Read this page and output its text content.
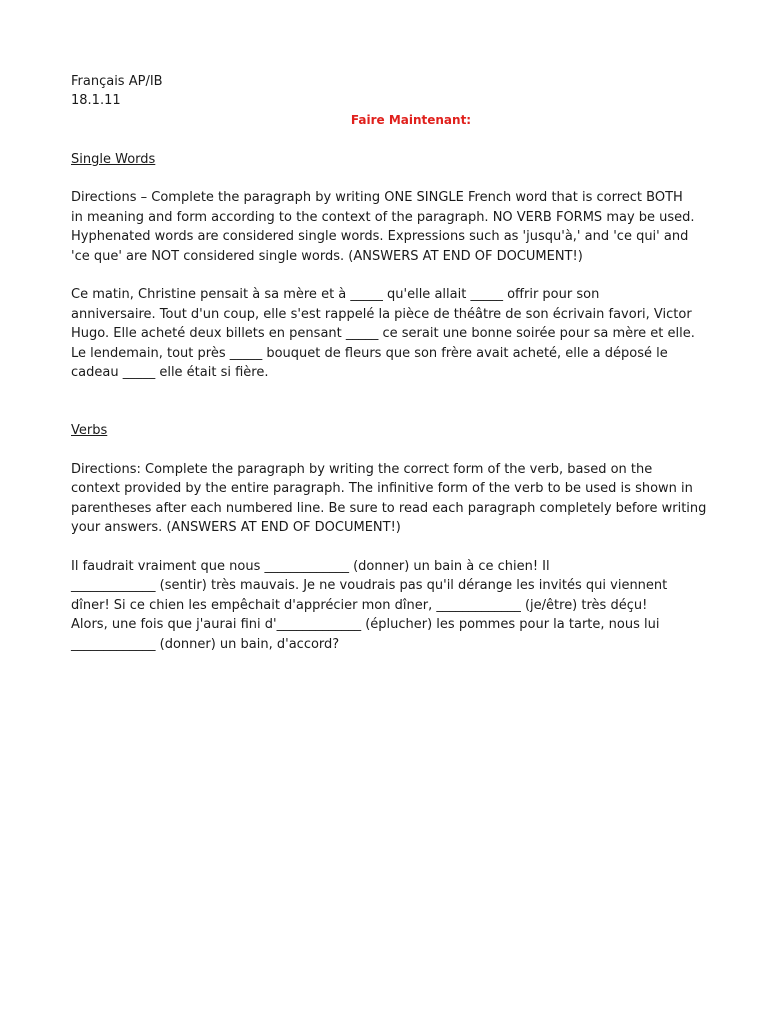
Français AP/IB
18.1.11
Faire Maintenant:
Single Words
Directions – Complete the paragraph by writing ONE SINGLE French word that is correct BOTH
in meaning and form according to the context of the paragraph. NO VERB FORMS may be used.
Hyphenated words are considered single words. Expressions such as 'jusqu'à,' and 'ce qui' and
'ce que' are NOT considered single words. (ANSWERS AT END OF DOCUMENT!)
Ce matin, Christine pensait à sa mère et à _____ qu'elle allait _____ offrir pour son
anniversaire. Tout d'un coup, elle s'est rappelé la pièce de théâtre de son écrivain favori, Victor
Hugo. Elle acheté deux billets en pensant _____ ce serait une bonne soirée pour sa mère et elle.
Le lendemain, tout près _____ bouquet de fleurs que son frère avait acheté, elle a déposé le
cadeau _____ elle était si fière.
Verbs
Directions: Complete the paragraph by writing the correct form of the verb, based on the
context provided by the entire paragraph. The infinitive form of the verb to be used is shown in
parentheses after each numbered line. Be sure to read each paragraph completely before writing
your answers. (ANSWERS AT END OF DOCUMENT!)
Il faudrait vraiment que nous _____________ (donner) un bain à ce chien! Il
_____________ (sentir) très mauvais. Je ne voudrais pas qu'il dérange les invités qui viennent
dîner! Si ce chien les empêchait d'apprécier mon dîner, _____________ (je/être) très déçu!
Alors, une fois que j'aurai fini d'_____________ (éplucher) les pommes pour la tarte, nous lui
_____________ (donner) un bain, d'accord?
